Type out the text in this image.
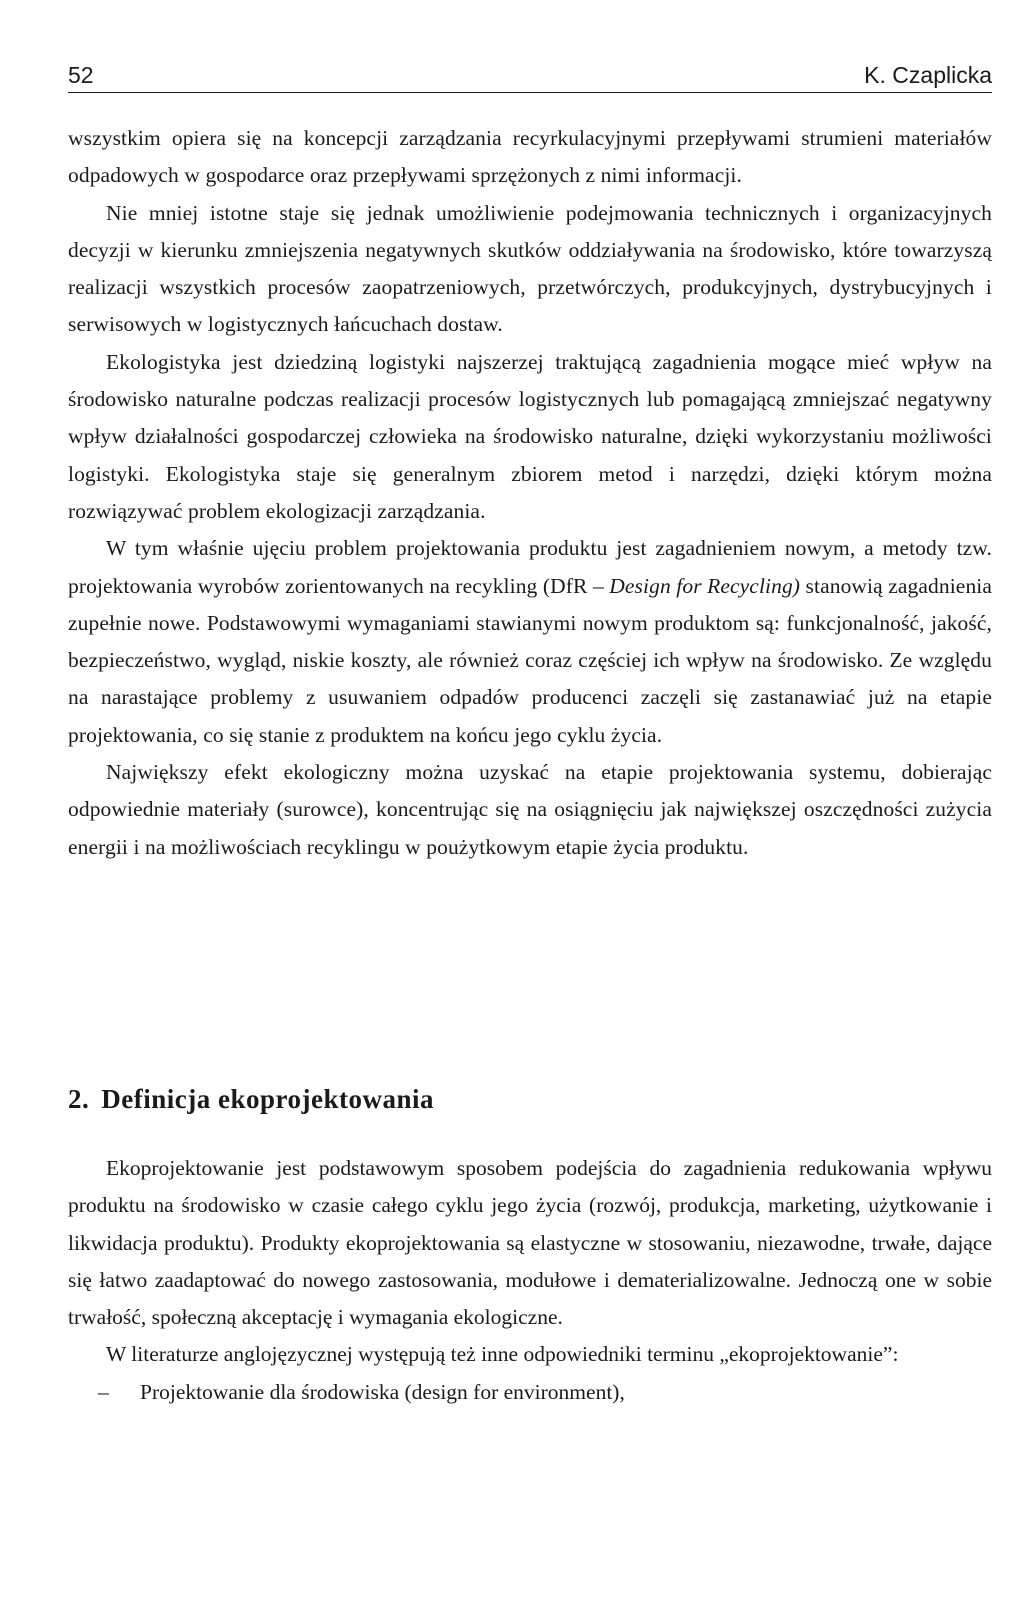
52	K. Czaplicka

wszystkim opiera się na koncepcji zarządzania recyrkulacyjnymi przepływami strumieni materiałów odpadowych w gospodarce oraz przepływami sprzężonych z nimi informacji.

Nie mniej istotne staje się jednak umożliwienie podejmowania technicznych i organizacyjnych decyzji w kierunku zmniejszenia negatywnych skutków oddziaływania na środowisko, które towarzyszą realizacji wszystkich procesów zaopatrzeniowych, przetwórczych, produkcyjnych, dystrybucyjnych i serwisowych w logistycznych łańcuchach dostaw.

Ekologistyka jest dziedziną logistyki najszerzej traktującą zagadnienia mogące mieć wpływ na środowisko naturalne podczas realizacji procesów logistycznych lub pomagającą zmniejszać negatywny wpływ działalności gospodarczej człowieka na środowisko naturalne, dzięki wykorzystaniu możliwości logistyki. Ekologistyka staje się generalnym zbiorem metod i narzędzi, dzięki którym można rozwiązywać problem ekologizacji zarządzania.

W tym właśnie ujęciu problem projektowania produktu jest zagadnieniem nowym, a metody tzw. projektowania wyrobów zorientowanych na recykling (DfR – Design for Recycling) stanowią zagadnienia zupełnie nowe. Podstawowymi wymaganiami stawianymi nowym produktom są: funkcjonalność, jakość, bezpieczeństwo, wygląd, niskie koszty, ale również coraz częściej ich wpływ na środowisko. Ze względu na narastające problemy z usuwaniem odpadów producenci zaczęli się zastanawiać już na etapie projektowania, co się stanie z produktem na końcu jego cyklu życia.

Największy efekt ekologiczny można uzyskać na etapie projektowania systemu, dobierając odpowiednie materiały (surowce), koncentrując się na osiągnięciu jak największej oszczędności zużycia energii i na możliwościach recyklingu w poużytkowym etapie życia produktu.

2. Definicja ekoprojektowania

Ekoprojektowanie jest podstawowym sposobem podejścia do zagadnienia redukowania wpływu produktu na środowisko w czasie całego cyklu jego życia (rozwój, produkcja, marketing, użytkowanie i likwidacja produktu). Produkty ekoprojektowania są elastyczne w stosowaniu, niezawodne, trwałe, dające się łatwo zaadaptować do nowego zastosowania, modułowe i dematerializowalne. Jednoczą one w sobie trwałość, społeczną akceptację i wymagania ekologiczne.

W literaturze anglojęzycznej występują też inne odpowiedniki terminu „ekoprojektowanie”:

– Projektowanie dla środowiska (design for environment),
